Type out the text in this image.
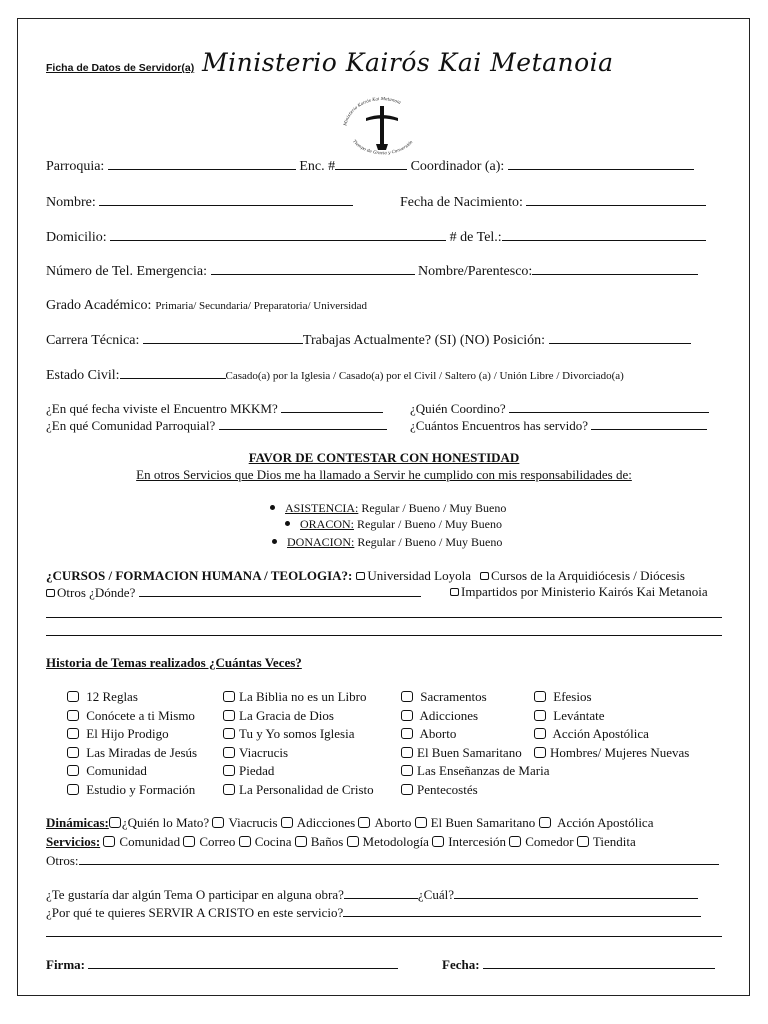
Ficha de Datos de Servidor(a) Ministerio Kairós Kai Metanoia
Ministerio Kairós Kai Metanoia
Tiempo de Gracia y Conversión
Parroquia:	Enc. #	Coordinador (a):
Nombre:	Fecha de Nacimiento:
Domicilio:	# de Tel.:
Número de Tel. Emergencia:	Nombre/Parentesco:
Grado Académico: Primaria/ Secundaria/ Preparatoria/ Universidad
Carrera Técnica:	Trabajas Actualmente? (SI) (NO) Posición:
Estado Civil:	Casado(a) por la Iglesia / Casado(a) por el Civil / Saltero (a) / Unión Libre / Divorciado(a)
¿En qué fecha viviste el Encuentro MKKM?	¿Quién Coordino?
¿En qué Comunidad Parroquial?	¿Cuántos Encuentros has servido?
FAVOR DE CONTESTAR CON HONESTIDAD
En otros Servicios que Dios me ha llamado a Servir he cumplido con mis responsabilidades de:
ASISTENCIA: Regular / Bueno / Muy Bueno
ORACON: Regular / Bueno / Muy Bueno
DONACION: Regular / Bueno / Muy Bueno
¿CURSOS / FORMACION HUMANA / TEOLOGIA?: Universidad Loyola Cursos de la Arquidiócesis / Diócesis
Otros ¿Dónde?	Impartidos por Ministerio Kairós Kai Metanoia
Historia de Temas realizados ¿Cuántas Veces?
12 Reglas
Conócete a ti Mismo
El Hijo Prodigo
Las Miradas de Jesús
Comunidad
Estudio y Formación
La Biblia no es un Libro
La Gracia de Dios
Tu y Yo somos Iglesia
Viacrucis
Piedad
La Personalidad de Cristo
Sacramentos
Adicciones
Aborto
El Buen Samaritano
Las Enseñanzas de Maria
Pentecostés
Efesios
Levántate
Acción Apostólica
Hombres/ Mujeres Nuevas
Dinámicas: ¿Quién lo Mato? Viacrucis Adicciones Aborto El Buen Samaritano Acción Apostólica
Servicios: Comunidad Correo Cocina Baños Metodología Intercesión Comedor Tiendita
Otros:
¿Te gustaría dar algún Tema O participar en alguna obra?	¿Cuál?
¿Por qué te quieres SERVIR A CRISTO en este servicio?
Firma:	Fecha:
